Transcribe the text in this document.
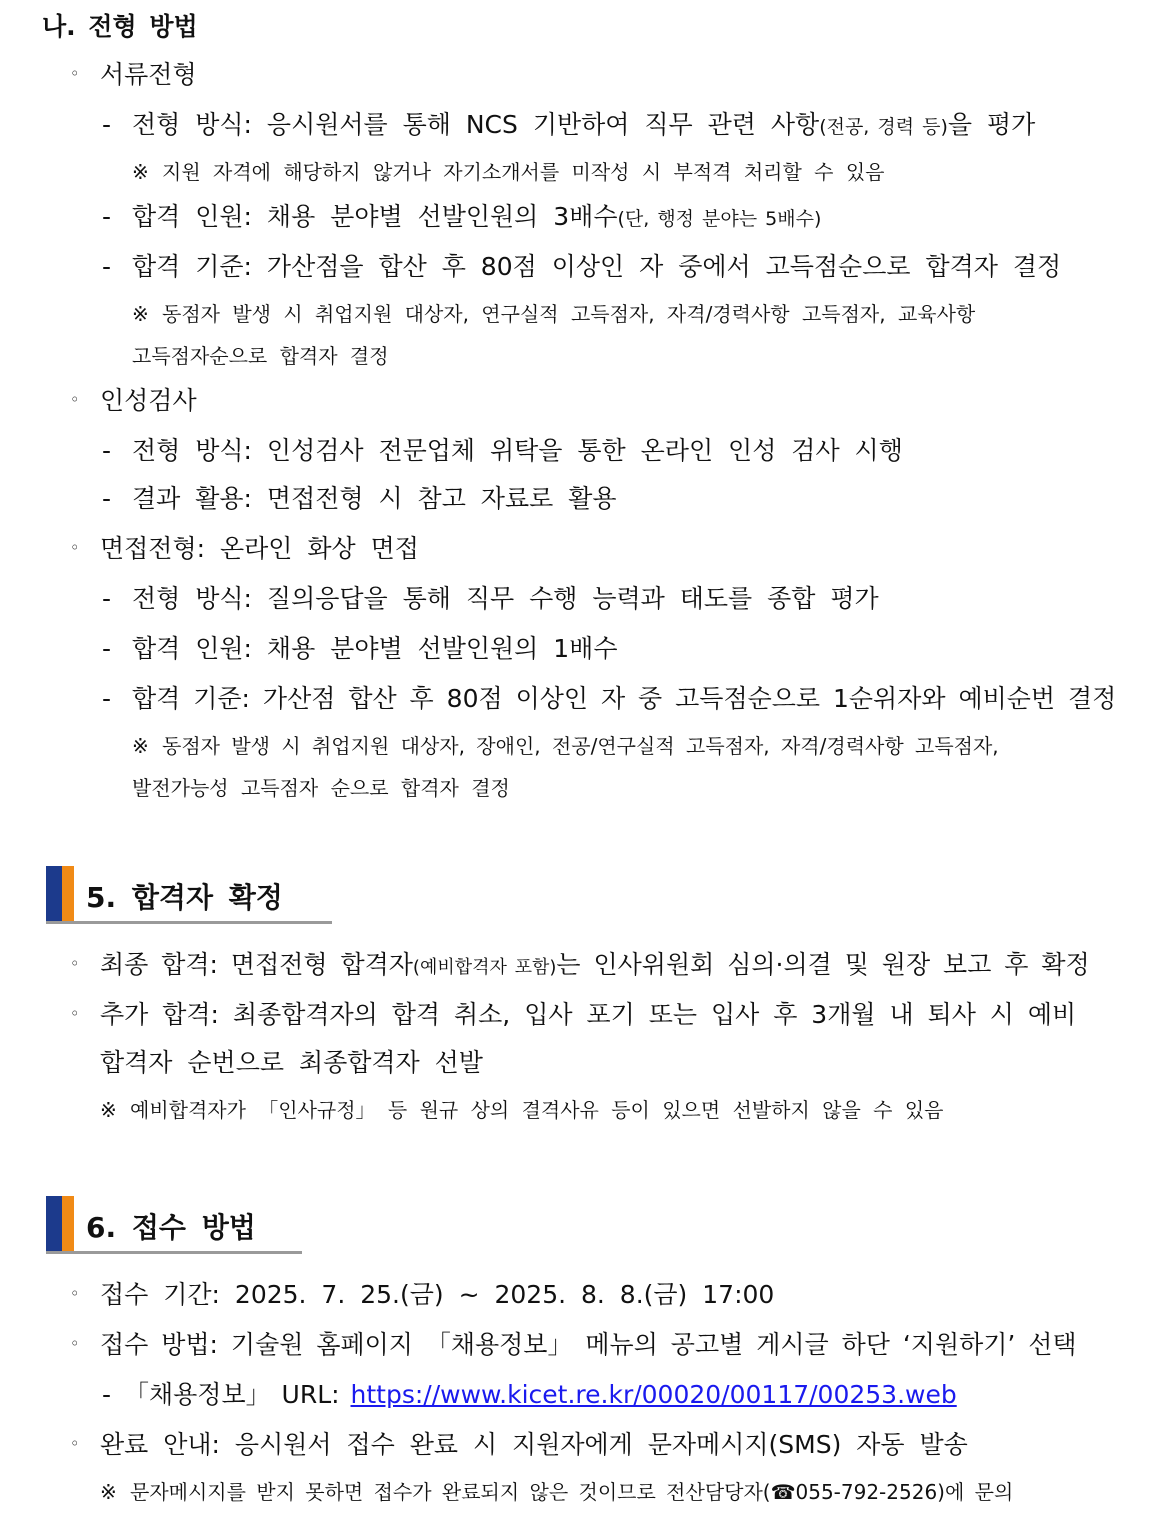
나. 전형 방법
◦ 서류전형
- 전형 방식: 응시원서를 통해 NCS 기반하여 직무 관련 사항(전공, 경력 등)을 평가
※ 지원 자격에 해당하지 않거나 자기소개서를 미작성 시 부적격 처리할 수 있음
- 합격 인원: 채용 분야별 선발인원의 3배수(단, 행정 분야는 5배수)
- 합격 기준: 가산점을 합산 후 80점 이상인 자 중에서 고득점순으로 합격자 결정
※ 동점자 발생 시 취업지원 대상자, 연구실적 고득점자, 자격/경력사항 고득점자, 교육사항
고득점자순으로 합격자 결정
◦ 인성검사
- 전형 방식: 인성검사 전문업체 위탁을 통한 온라인 인성 검사 시행
- 결과 활용: 면접전형 시 참고 자료로 활용
◦ 면접전형: 온라인 화상 면접
- 전형 방식: 질의응답을 통해 직무 수행 능력과 태도를 종합 평가
- 합격 인원: 채용 분야별 선발인원의 1배수
- 합격 기준: 가산점 합산 후 80점 이상인 자 중 고득점순으로 1순위자와 예비순번 결정
※ 동점자 발생 시 취업지원 대상자, 장애인, 전공/연구실적 고득점자, 자격/경력사항 고득점자,
발전가능성 고득점자 순으로 합격자 결정
5. 합격자 확정
◦ 최종 합격: 면접전형 합격자(예비합격자 포함)는 인사위원회 심의·의결 및 원장 보고 후 확정
◦ 추가 합격: 최종합격자의 합격 취소, 입사 포기 또는 입사 후 3개월 내 퇴사 시 예비
합격자 순번으로 최종합격자 선발
※ 예비합격자가 「인사규정」 등 원규 상의 결격사유 등이 있으면 선발하지 않을 수 있음
6. 접수 방법
◦ 접수 기간: 2025. 7. 25.(금) ~ 2025. 8. 8.(금) 17:00
◦ 접수 방법: 기술원 홈페이지 「채용정보」 메뉴의 공고별 게시글 하단 ‘지원하기’ 선택
- 「채용정보」 URL: https://www.kicet.re.kr/00020/00117/00253.web
◦ 완료 안내: 응시원서 접수 완료 시 지원자에게 문자메시지(SMS) 자동 발송
※ 문자메시지를 받지 못하면 접수가 완료되지 않은 것이므로 전산담당자(☎055-792-2526)에 문의
